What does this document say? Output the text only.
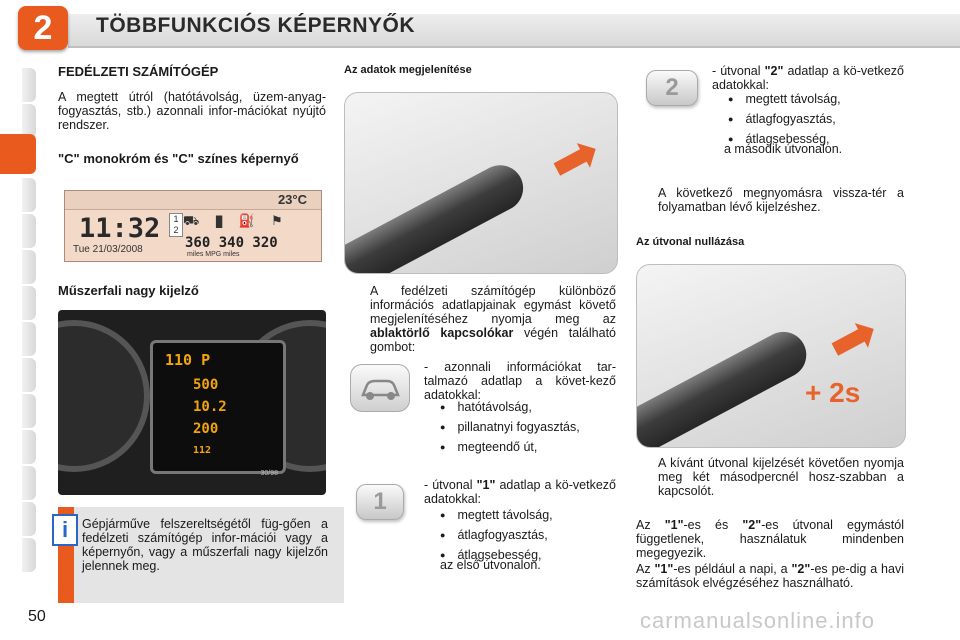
2	TÖBBFUNKCIÓS KÉPERNYŐK
FEDÉLZETI SZÁMÍTÓGÉP
A megtett útról (hatótávolság, üzem-anyag-fogyasztás, stb.) azonnali infor-mációkat nyújtó rendszer.
"C" monokróm és "C" színes képernyő
23°C
11:32
Tue 21/03/2008
1 2
⛟▮⛽⚑
360 340 320
miles MPG miles
Műszerfali nagy kijelző
110 P
500
10.2
200
112
30/98
Gépjárműve felszereltségétől füg-gően a fedélzeti számítógép infor-mációi vagy a képernyőn, vagy a műszerfali nagy kijelzőn jelennek meg.
i
50
Az adatok megjelenítése
A fedélzeti számítógép különböző információs adatlapjainak egymást követő megjelenítéséhez nyomja meg az ablaktörlő kapcsolókar végén található gombot:
- azonnali információkat tar-talmazó adatlap a követ-kező adatokkal:
● hatótávolság,
● pillanatnyi fogyasztás,
● megteendő út,
1
- útvonal "1" adatlap a kö-vetkező adatokkal:
● megtett távolság,
● átlagfogyasztás,
● átlagsebesség,
az első útvonalon.
2
- útvonal "2" adatlap a kö-vetkező adatokkal:
● megtett távolság,
● átlagfogyasztás,
● átlagsebesség,
a második útvonalon.
A következő megnyomásra vissza-tér a folyamatban lévő kijelzéshez.
Az útvonal nullázása
+ 2s
A kívánt útvonal kijelzését követően nyomja meg két másodpercnél hosz-szabban a kapcsolót.
Az "1"-es és "2"-es útvonal egymástól függetlenek, használatuk mindenben megegyezik.
Az "1"-es például a napi, a "2"-es pe-dig a havi számítások elvégzéséhez használható.
carmanualsonline.info
